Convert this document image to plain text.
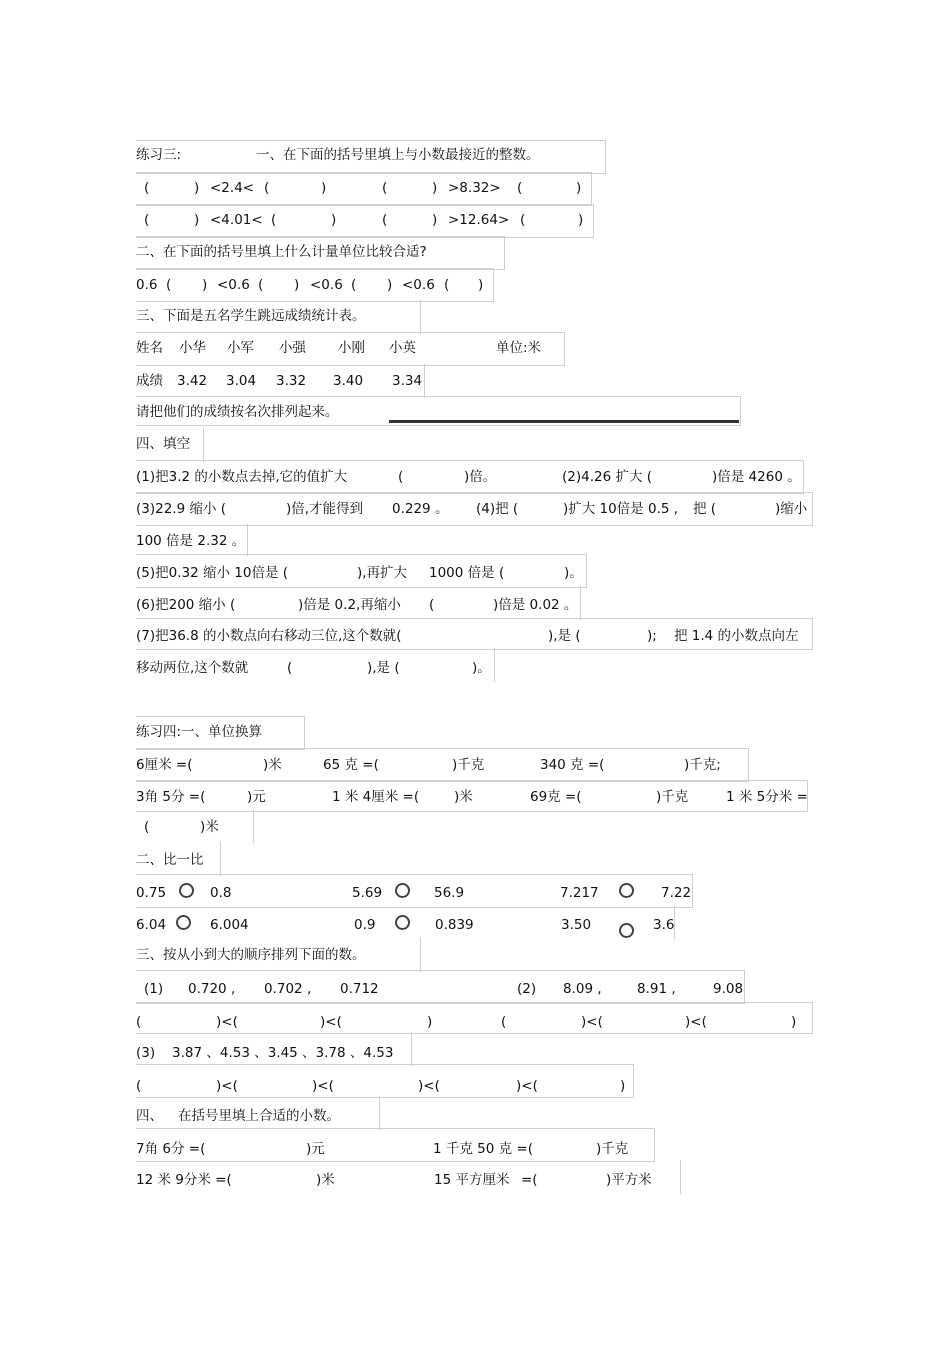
练习三:	一、在下面的括号里填上与小数最接近的整数。
(	) <2.4< (	)	(	) >8.32> (	)
(	) <4.01< (	)	(	) >12.64> (	)
二、在下面的括号里填上什么计量单位比较合适?
0.6 ( ) <0.6 ( ) <0.6 ( ) <0.6 ( )
三、下面是五名学生跳远成绩统计表。
姓名 小华 小军 小强 小刚 小英	单位:米
成绩 3.42 3.04 3.32 3.40 3.34
请把他们的成绩按名次排列起来。
四、填空
(1)把3.2 的小数点去掉,它的值扩大	(	)倍。	(2)4.26 扩大 (	)倍是 4260 。
(3)22.9 缩小 (	)倍,才能得到 0.229 。 (4)把 (	)扩大 10倍是 0.5 , 把 (	)缩小
100 倍是 2.32 。
(5)把0.32 缩小 10倍是 (	),再扩大 1000 倍是 (	)。
(6)把200 缩小 (	)倍是 0.2,再缩小 (	)倍是 0.02 。
(7)把36.8 的小数点向右移动三位,这个数就(	),是 (	); 把 1.4 的小数点向左
移动两位,这个数就	(	),是 (	)。
练习四:一、单位换算
6厘米 =(	)米	65 克 =(	)千克	340 克 =(	)千克;
3角 5分 =(	)元	1 米 4厘米 =(	)米	69克 =(	)千克	1 米 5分米 =
(	)米
二、比一比
0.75	0.8	5.69	56.9	7.217	7.22
6.04	6.004	0.9	0.839	3.50	3.6
三、按从小到大的顺序排列下面的数。
(1) 0.720 , 0.702 , 0.712	(2) 8.09 ,	8.91 ,	9.08
(	)<(	)<(	)	(	)<(	)<(	)
(3) 3.87 、4.53 、3.45 、3.78 、4.53
(	)<(	)<(	)<(	)<(	)
四、 在括号里填上合适的小数。
7角 6分 =(	)元	1 千克 50 克 =(	)千克
12 米 9分米 =(	)米	15 平方厘米 =(	)平方米
